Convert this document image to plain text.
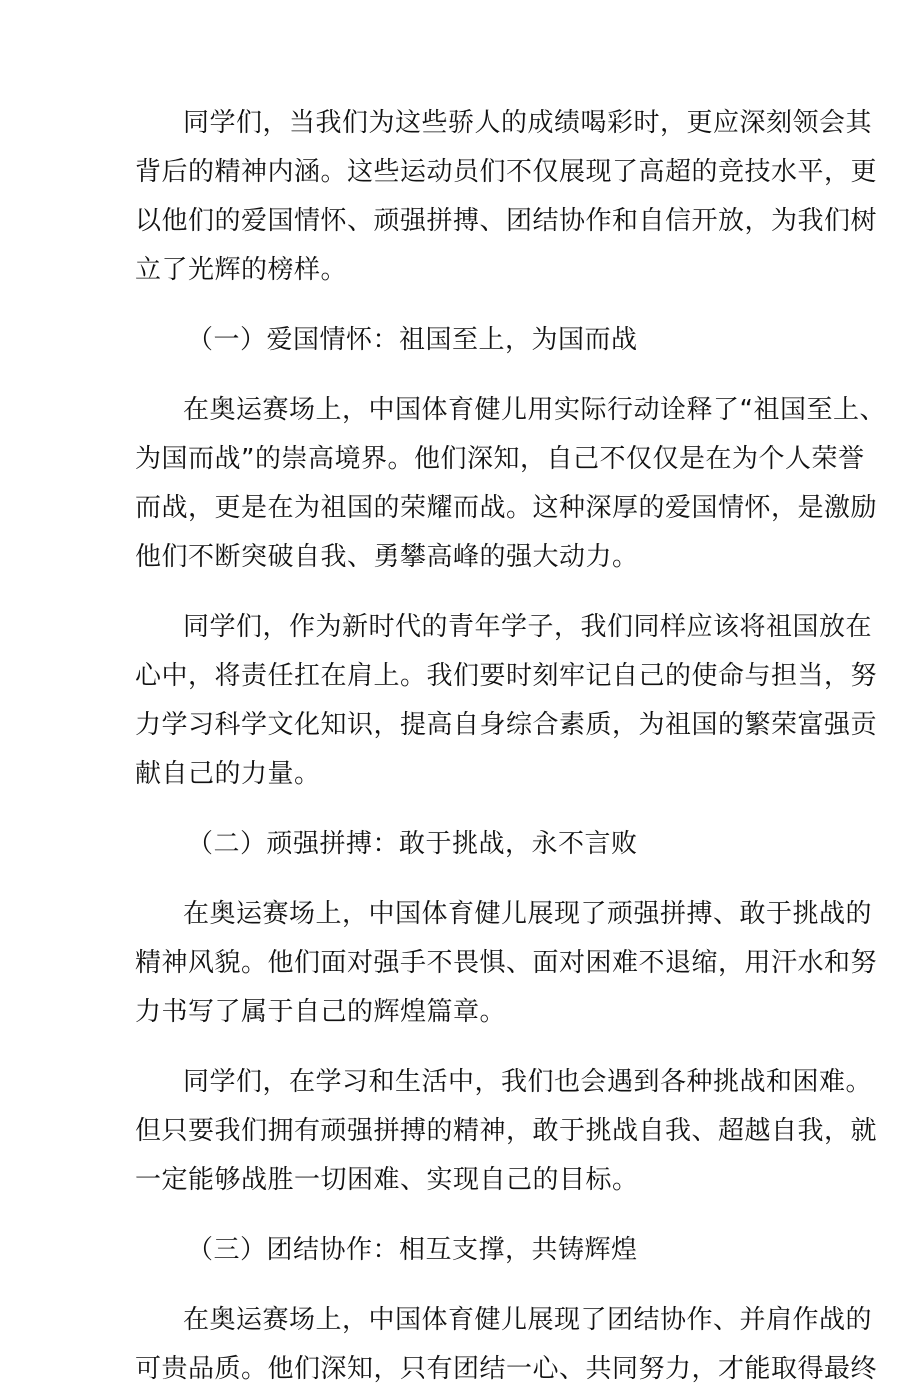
同学们，当我们为这些骄人的成绩喝彩时，更应深刻领会其
背后的精神内涵。这些运动员们不仅展现了高超的竞技水平，更
以他们的爱国情怀、顽强拼搏、团结协作和自信开放，为我们树
立了光辉的榜样。
（一）爱国情怀：祖国至上，为国而战
在奥运赛场上，中国体育健儿用实际行动诠释了“祖国至上、
为国而战”的崇高境界。他们深知，自己不仅仅是在为个人荣誉
而战，更是在为祖国的荣耀而战。这种深厚的爱国情怀，是激励
他们不断突破自我、勇攀高峰的强大动力。
同学们，作为新时代的青年学子，我们同样应该将祖国放在
心中，将责任扛在肩上。我们要时刻牢记自己的使命与担当，努
力学习科学文化知识，提高自身综合素质，为祖国的繁荣富强贡
献自己的力量。
（二）顽强拼搏：敢于挑战，永不言败
在奥运赛场上，中国体育健儿展现了顽强拼搏、敢于挑战的
精神风貌。他们面对强手不畏惧、面对困难不退缩，用汗水和努
力书写了属于自己的辉煌篇章。
同学们，在学习和生活中，我们也会遇到各种挑战和困难。
但只要我们拥有顽强拼搏的精神，敢于挑战自我、超越自我，就
一定能够战胜一切困难、实现自己的目标。
（三）团结协作：相互支撑，共铸辉煌
在奥运赛场上，中国体育健儿展现了团结协作、并肩作战的
可贵品质。他们深知，只有团结一心、共同努力，才能取得最终
